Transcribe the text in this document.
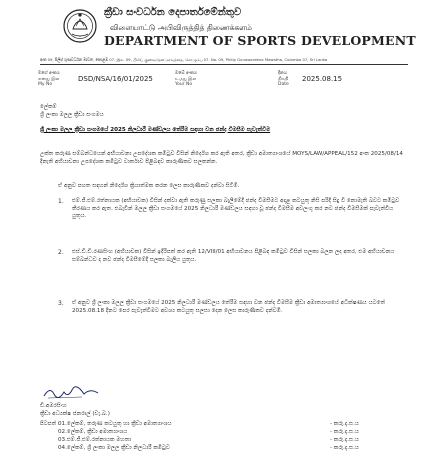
ක්‍රීඩා සංවර්ධන දෙපාර්තමේන්තුව
விளையாட்டு அபிவிருத்தித் திணைக்களம்
DEPARTMENT OF SPORTS DEVELOPMENT
අංක 09, පිලිප් ගුණවර්ධන මාවත, කොළඹ 07. இல. 09, பிலிப் குணவர்தன மாவத்தை, கொழும்பு 07. No. 09, Philip Gunawardena Mawatha, Colombo 07, Sri Lanka
මගේ අංකය
எனது இல
My No
DSD/NSA/16/01/2025
ඔබේ අංකය
உமது இல
Your No
දිනය
திகதி
Date
2025.08.15
ලේකම්
ශ්‍රී ලංකා මලල ක්‍රීඩා සංගමය
ශ්‍රී ලංකා මලල ක්‍රීඩා සංගමයේ 2025 නිලධාරී මණ්ඩලය තේරීම සඳහා වන ඡන්ද විමසීම පැවැත්වීම
උක්ත කරුණ සම්බන්ධයෙන් අභියාචනා උපදේශක කමිටුව විසින් නිර්දේශ කර ඇති අතර, ක්‍රීඩා අමාත්‍යාංශයේ MOYS/LAW/APPEAL/152 අංක 2025/08/14 දිනැති අභියාචනා උපදේශක කමිටුව වාර්තාව පිළිබඳව කාරුණිකව සලකන්න.
ඒ අනුව පහත සඳහන් නිර්දේශ ක්‍රියාත්මක කරන ලෙස කාරුණිකව දන්වා සිටිමි.
1. එම්.ජී.එම්.රත්නායක (අභියාචක) විසින් දක්වා ඇති කරුණු සලකා බැලීමේදී ඡන්ද විමසීමට අදාළ කටයුතු නිසි පරිදි සිදු වී නොමැති බවට කමිටුව තීරණය කර ඇත. එබැවින් මලල ක්‍රීඩා සංගමයේ 2025 නිලධාරී මණ්ඩලය සඳහා වූ ඡන්ද විමසීම අවලංගු කර නව ඡන්ද විමසීමක් පැවැත්විය යුතුය.
2. එස්.ඩී.ඩී.රණසිංහ (අභියාචක) විසින් ඉදිරිපත් කර ඇති 12/VIII/01 අභියාචනය පිළිබඳ කමිටුව විසින් සලකා බලන ලද අතර, එම අභියාචනය සම්බන්ධව ද නව ඡන්ද විමසීමේදී සලකා බැලිය යුතුය.
3. ඒ අනුව ශ්‍රී ලංකා මලල ක්‍රීඩා සංගමයේ 2025 නිලධාරී මණ්ඩලය තේරීම සඳහා වන ඡන්ද විමසීම ක්‍රීඩා අමාත්‍යාංශයේ අධීක්ෂණය යටතේ 2025.08.18 දිනට පෙර පැවැත්වීමට අවශ්‍ය කටයුතු සලසා දෙන ලෙස කාරුණිකව දන්වමි.
ඩී.අමරසිංහ
ක්‍රීඩා අධ්‍යක්ෂ ජනරාල් (වැ.බ.)
පිටපත් :
01.ලේකම්, තරුණ කටයුතු හා ක්‍රීඩා අමාත්‍යාංශය	- කරු.දැ.ස.ය
02.ලේකම්, ක්‍රීඩා අමාත්‍යාංශය	- කරු.දැ.ස.ය
03.එම්.ජී.එම්.රත්නායක මහතා	- කරු.දැ.ස.ය
04.ලේකම්, ශ්‍රී ලංකා මලල ක්‍රීඩා නිලධාරී කමිටුව	- කරු.දැ.ස.ය
